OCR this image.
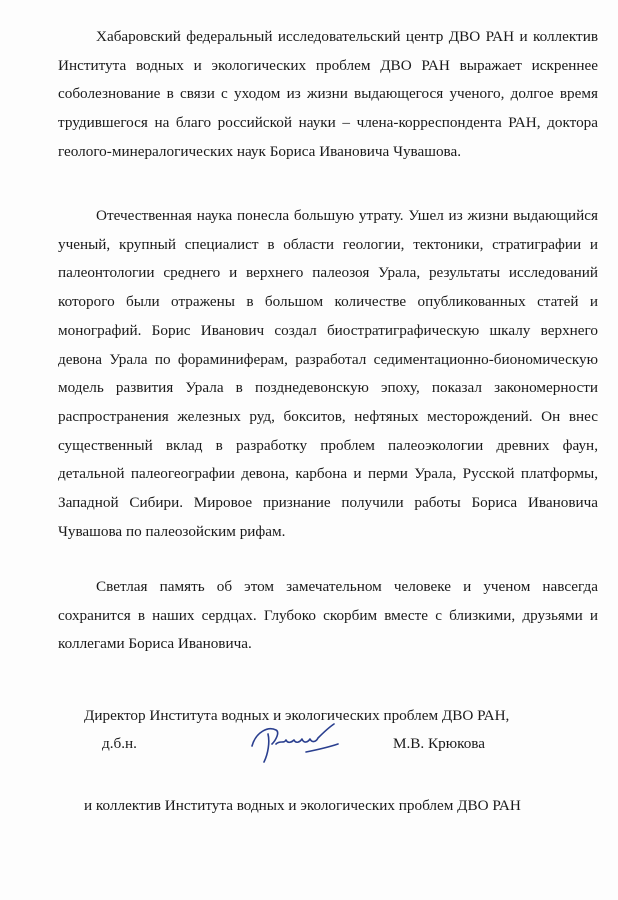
Хабаровский федеральный исследовательский центр ДВО РАН и коллектив Института водных и экологических проблем ДВО РАН выражает искреннее соболезнование в связи с уходом из жизни выдающегося ученого, долгое время трудившегося на благо российской науки – члена-корреспондента РАН, доктора геолого-минералогических наук Бориса Ивановича Чувашова.

Отечественная наука понесла большую утрату. Ушел из жизни выдающийся ученый, крупный специалист в области геологии, тектоники, стратиграфии и палеонтологии среднего и верхнего палеозоя Урала, результаты исследований которого были отражены в большом количестве опубликованных статей и монографий. Борис Иванович создал биостратиграфическую шкалу верхнего девона Урала по фораминиферам, разработал седиментационно-биономическую модель развития Урала в позднедевонскую эпоху, показал закономерности распространения железных руд, бокситов, нефтяных месторождений. Он внес существенный вклад в разработку проблем палеоэкологии древних фаун, детальной палеогеографии девона, карбона и перми Урала, Русской платформы, Западной Сибири. Мировое признание получили работы Бориса Ивановича Чувашова по палеозойским рифам.

Светлая память об этом замечательном человеке и ученом навсегда сохранится в наших сердцах. Глубоко скорбим вместе с близкими, друзьями и коллегами Бориса Ивановича.

Директор Института водных и экологических проблем ДВО РАН,
д.б.н.	М.В. Крюкова
и коллектив Института водных и экологических проблем ДВО РАН
